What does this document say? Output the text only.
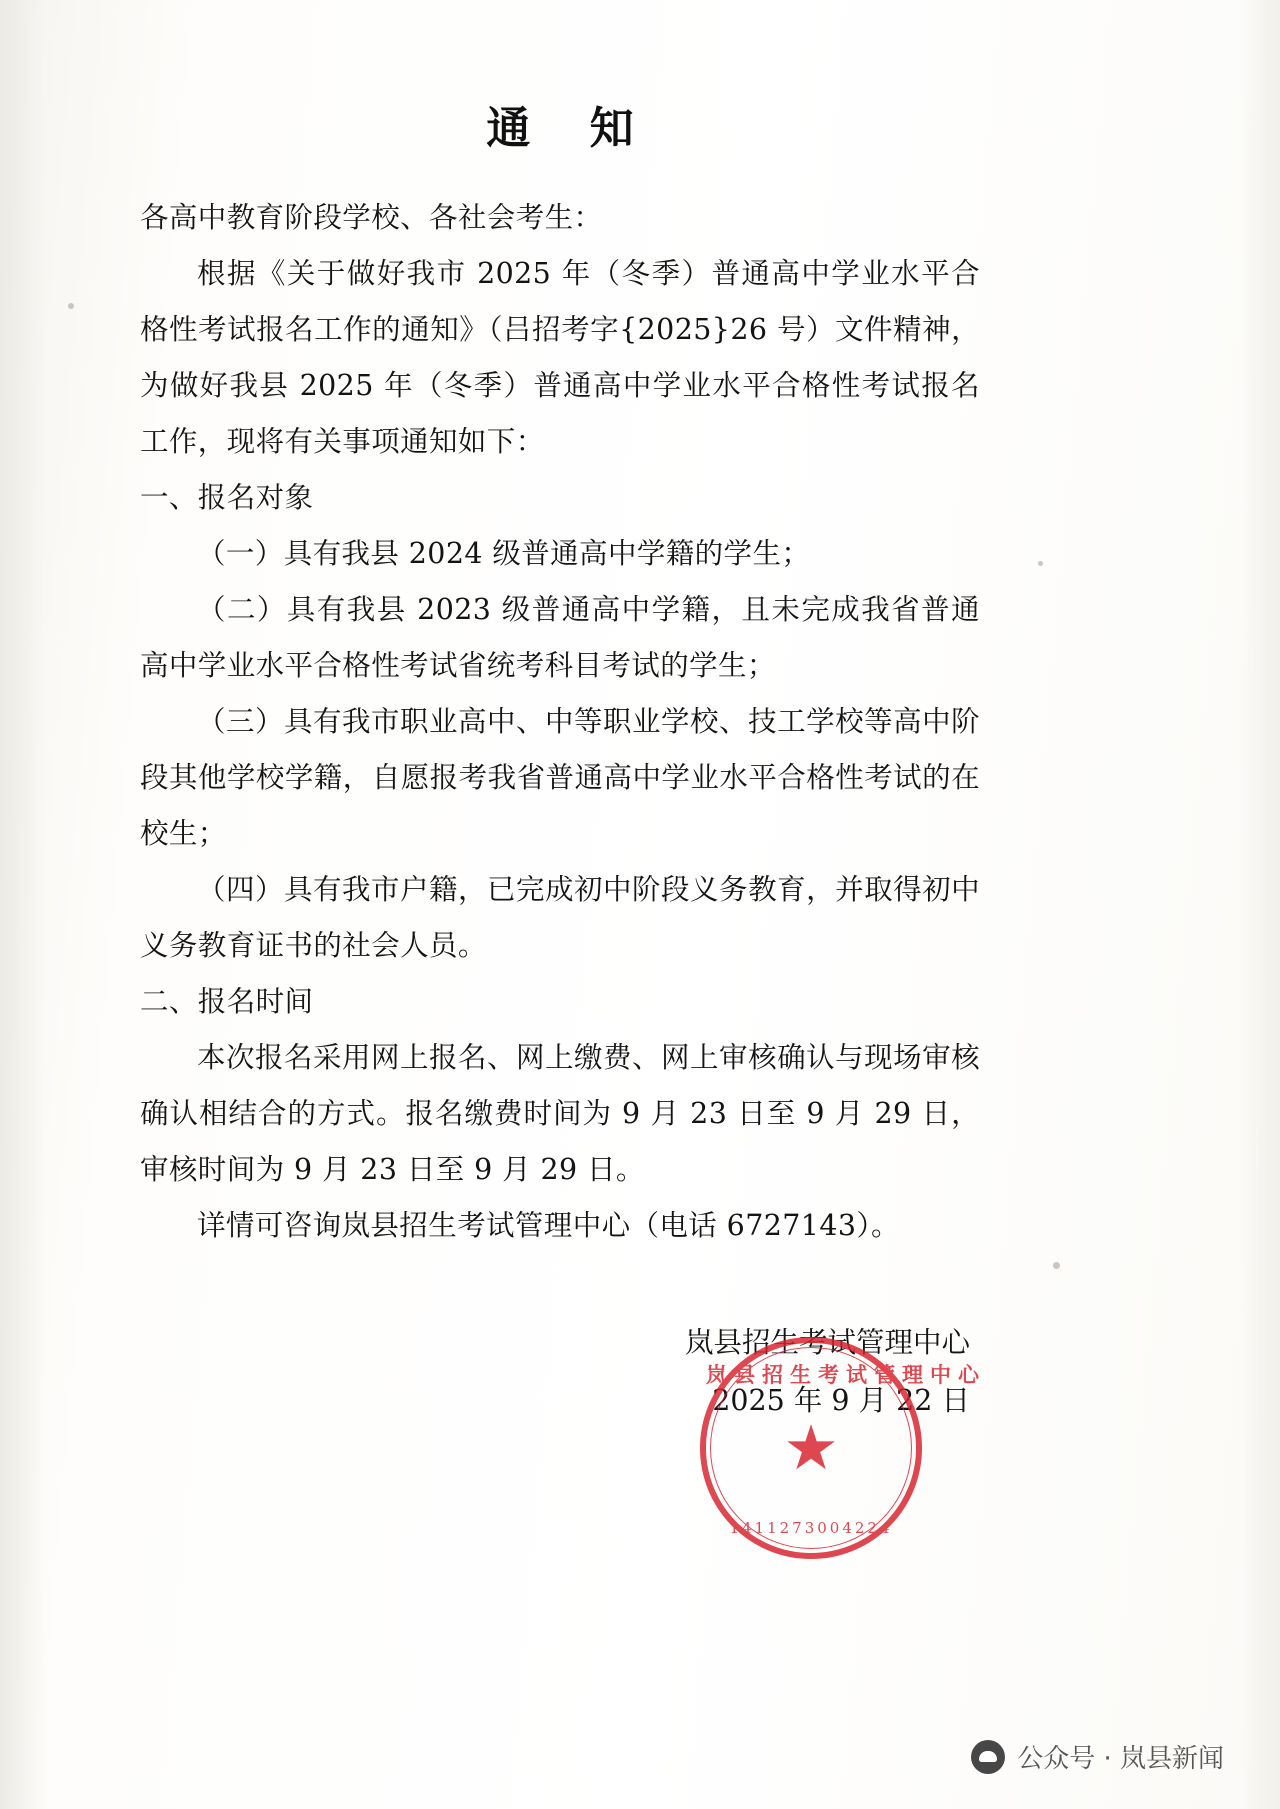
通 知

各高中教育阶段学校、各社会考生：

根据《关于做好我市 2025 年（冬季）普通高中学业水平合格性考试报名工作的通知》（吕招考字{2025}26 号）文件精神，为做好我县 2025 年（冬季）普通高中学业水平合格性考试报名工作，现将有关事项通知如下：

一、报名对象

（一）具有我县 2024 级普通高中学籍的学生；

（二）具有我县 2023 级普通高中学籍，且未完成我省普通高中学业水平合格性考试省统考科目考试的学生；

（三）具有我市职业高中、中等职业学校、技工学校等高中阶段其他学校学籍，自愿报考我省普通高中学业水平合格性考试的在校生；

（四）具有我市户籍，已完成初中阶段义务教育，并取得初中义务教育证书的社会人员。

二、报名时间

本次报名采用网上报名、网上缴费、网上审核确认与现场审核确认相结合的方式。报名缴费时间为 9 月 23 日至 9 月 29 日，审核时间为 9 月 23 日至 9 月 29 日。

详情可咨询岚县招生考试管理中心（电话 6727143）。

岚县招生考试管理中心
2025 年 9 月 22 日
岚县招生考试管理中心
★
1411273004224
公众号 · 岚县新闻
